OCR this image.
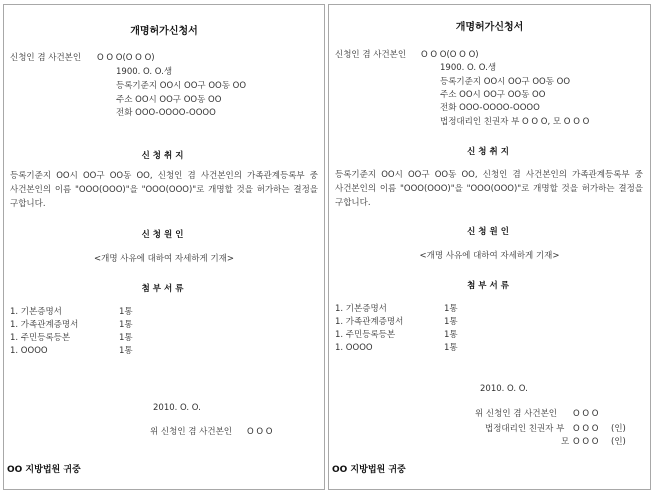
개명허가신청서
신청인 겸 사건본인 O O O(O O O)
1900. O. O.생
등록기준지 OO시 OO구 OO동 OO
주소 OO시 OO구 OO동 OO
전화 OOO-OOOO-OOOO
신청취지
등록기준지 OO시 OO구 OO동 OO, 신청인 겸 사건본인의 가족관계등록부 중 사건본인의 이름 "OOO(OOO)"을 "OOO(OOO)"로 개명할 것을 허가하는 결정을 구합니다.
신청원인
<개명 사유에 대하여 자세하게 기재>
첨부서류
1. 기본증명서	1통
1. 가족관계증명서	1통
1. 주민등록등본	1통
1. OOOO	1통
2010. O. O.
위 신청인 겸 사건본인 O O O
OO 지방법원 귀중
개명허가신청서
신청인 겸 사건본인 O O O(O O O)
1900. O. O.생
등록기준지 OO시 OO구 OO동 OO
주소 OO시 OO구 OO동 OO
전화 OOO-OOOO-OOOO
법정대리인 친권자 부 O O O, 모 O O O
신청취지
등록기준지 OO시 OO구 OO동 OO, 신청인 겸 사건본인의 가족관계등록부 중 사건본인의 이름 "OOO(OOO)"을 "OOO(OOO)"로 개명할 것을 허가하는 결정을 구합니다.
신청원인
<개명 사유에 대하여 자세하게 기재>
첨부서류
1. 기본증명서	1통
1. 가족관계증명서	1통
1. 주민등록등본	1통
1. OOOO	1통
2010. O. O.
위 신청인 겸 사건본인 O O O
법정대리인 친권자 부 O O O (인)
모 O O O (인)
OO 지방법원 귀중
